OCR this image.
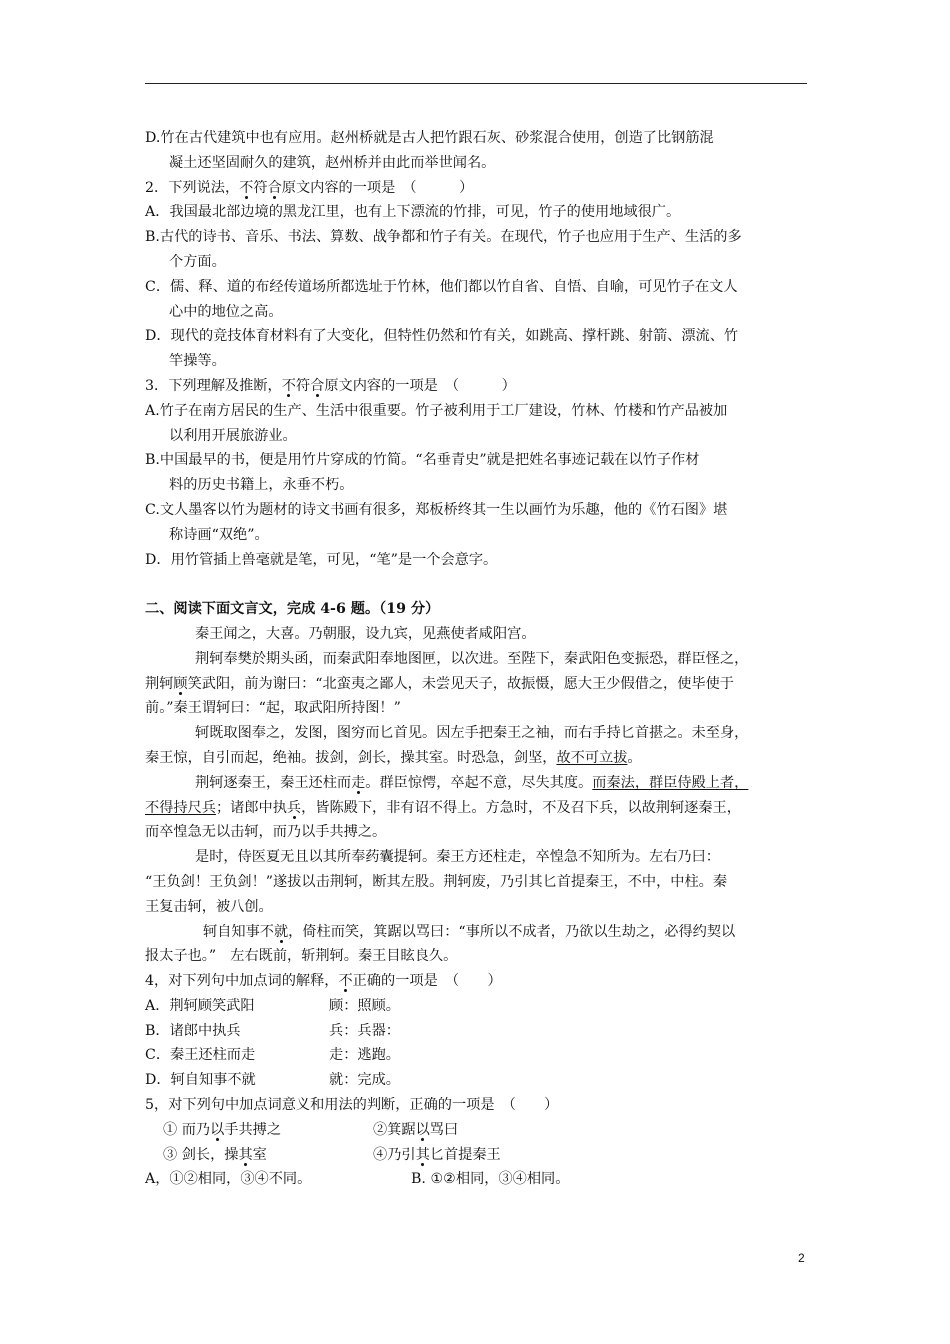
D.竹在古代建筑中也有应用。赵州桥就是古人把竹跟石灰、砂浆混合使用，创造了比钢筋混
凝土还坚固耐久的建筑，赵州桥并由此而举世闻名。
2．下列说法，不符合原文内容的一项是　（　　　）
A．我国最北部边境的黑龙江里，也有上下漂流的竹排，可见，竹子的使用地域很广。
B.古代的诗书、音乐、书法、算数、战争都和竹子有关。在现代，竹子也应用于生产、生活的多
个方面。
C．儒、释、道的布经传道场所都选址于竹林，他们都以竹自省、自悟、自喻，可见竹子在文人
心中的地位之高。
D．现代的竞技体育材料有了大变化，但特性仍然和竹有关，如跳高、撑杆跳、射箭、漂流、竹
竿操等。
3．下列理解及推断，不符合原文内容的一项是　（　　　）
A.竹子在南方居民的生产、生活中很重要。竹子被利用于工厂建设，竹林、竹楼和竹产品被加
以利用开展旅游业。
B.中国最早的书，便是用竹片穿成的竹简。“名垂青史”就是把姓名事迹记载在以竹子作材
料的历史书籍上，永垂不朽。
C.文人墨客以竹为题材的诗文书画有很多，郑板桥终其一生以画竹为乐趣，他的《竹石图》堪
称诗画“双绝”。
D．用竹管插上兽毫就是笔，可见，“笔”是一个会意字。
二、阅读下面文言文，完成 4-6 题。（19 分）
秦王闻之，大喜。乃朝服，设九宾，见燕使者咸阳宫。
荆轲奉樊於期头函，而秦武阳奉地图匣，以次进。至陛下，秦武阳色变振恐，群臣怪之，
荆轲顾笑武阳，前为谢曰：“北蛮夷之鄙人，未尝见天子，故振慑，愿大王少假借之，使毕使于
前。”秦王谓轲曰：“起，取武阳所持图！”
轲既取图奉之，发图，图穷而匕首见。因左手把秦王之袖，而右手持匕首揕之。未至身，
秦王惊，自引而起，绝袖。拔剑，剑长，操其室。时恐急，剑坚，故不可立拔。
荆轲逐秦王，秦王还柱而走。群臣惊愕，卒起不意，尽失其度。而秦法，群臣侍殿上者，
不得持尺兵；诸郎中执兵，皆陈殿下，非有诏不得上。方急时，不及召下兵，以故荆轲逐秦王，
而卒惶急无以击轲，而乃以手共搏之。
是时，侍医夏无且以其所奉药囊提轲。秦王方还柱走，卒惶急不知所为。左右乃曰：
“王负剑！王负剑！”遂拔以击荆轲，断其左股。荆轲废，乃引其匕首提秦王，不中，中柱。秦
王复击轲，被八创。
轲自知事不就，倚柱而笑，箕踞以骂曰：“事所以不成者，乃欲以生劫之，必得约契以
报太子也。”　左右既前，斩荆轲。秦王目眩良久。
4，对下列句中加点词的解释，不正确的一项是　（　　）
A．荆轲顾笑武阳	顾：照顾。
B．诸郎中执兵	兵：兵器：
C．秦王还柱而走	走：逃跑。
D．轲自知事不就	就：完成。
5，对下列句中加点词意义和用法的判断，正确的一项是　（　　）
① 而乃以手共搏之	②箕踞以骂曰
③ 剑长，操其室	④乃引其匕首提秦王
A，①②相同，③④不同。	B. ①②相同，③④相同。
2
